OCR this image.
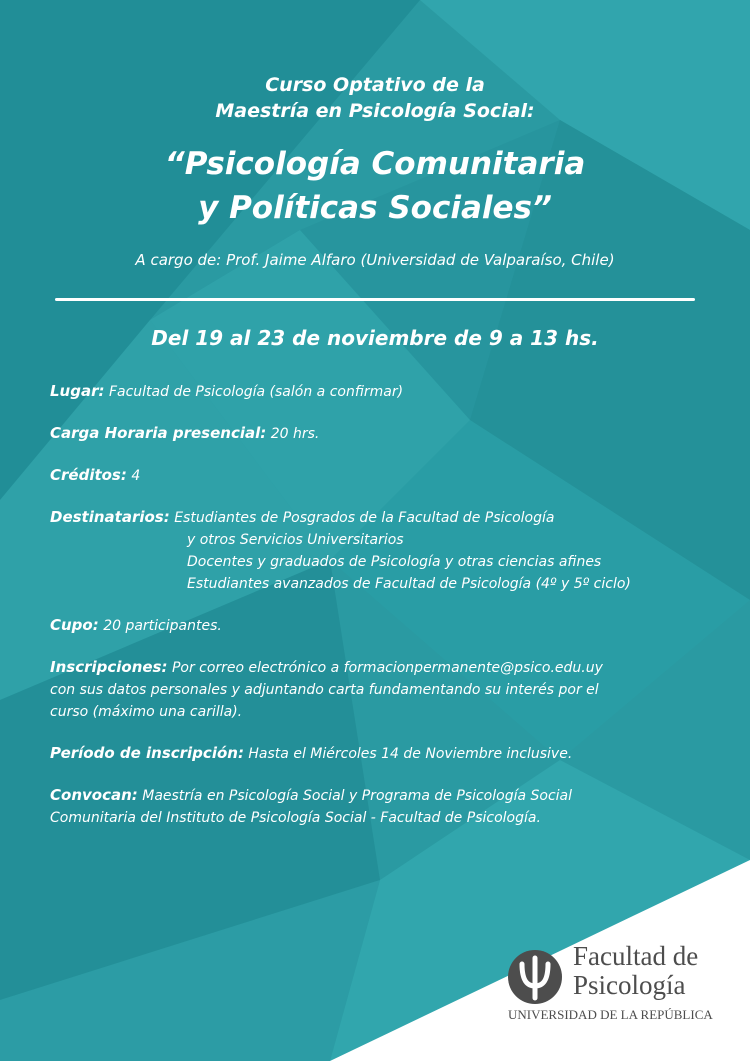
Curso Optativo de la
Maestría en Psicología Social:
“Psicología Comunitaria
y Políticas Sociales”
A cargo de: Prof. Jaime Alfaro (Universidad de Valparaíso, Chile)
Del 19 al 23 de noviembre de 9 a 13 hs.

Lugar: Facultad de Psicología (salón a confirmar)

Carga Horaria presencial: 20 hrs.

Créditos: 4

Destinatarios: Estudiantes de Posgrados de la Facultad de Psicología

y otros Servicios Universitarios

Docentes y graduados de Psicología y otras ciencias afines

Estudiantes avanzados de Facultad de Psicología (4º y 5º ciclo)

Cupo: 20 participantes.

Inscripciones: Por correo electrónico a formacionpermanente@psico.edu.uy

con sus datos personales y adjuntando carta fundamentando su interés por el

curso (máximo una carilla).

Período de inscripción: Hasta el Miércoles 14 de Noviembre inclusive.

Convocan: Maestría en Psicología Social y Programa de Psicología Social

Comunitaria del Instituto de Psicología Social - Facultad de Psicología.

Facultad de
Psicología
UNIVERSIDAD DE LA REPÚBLICA
